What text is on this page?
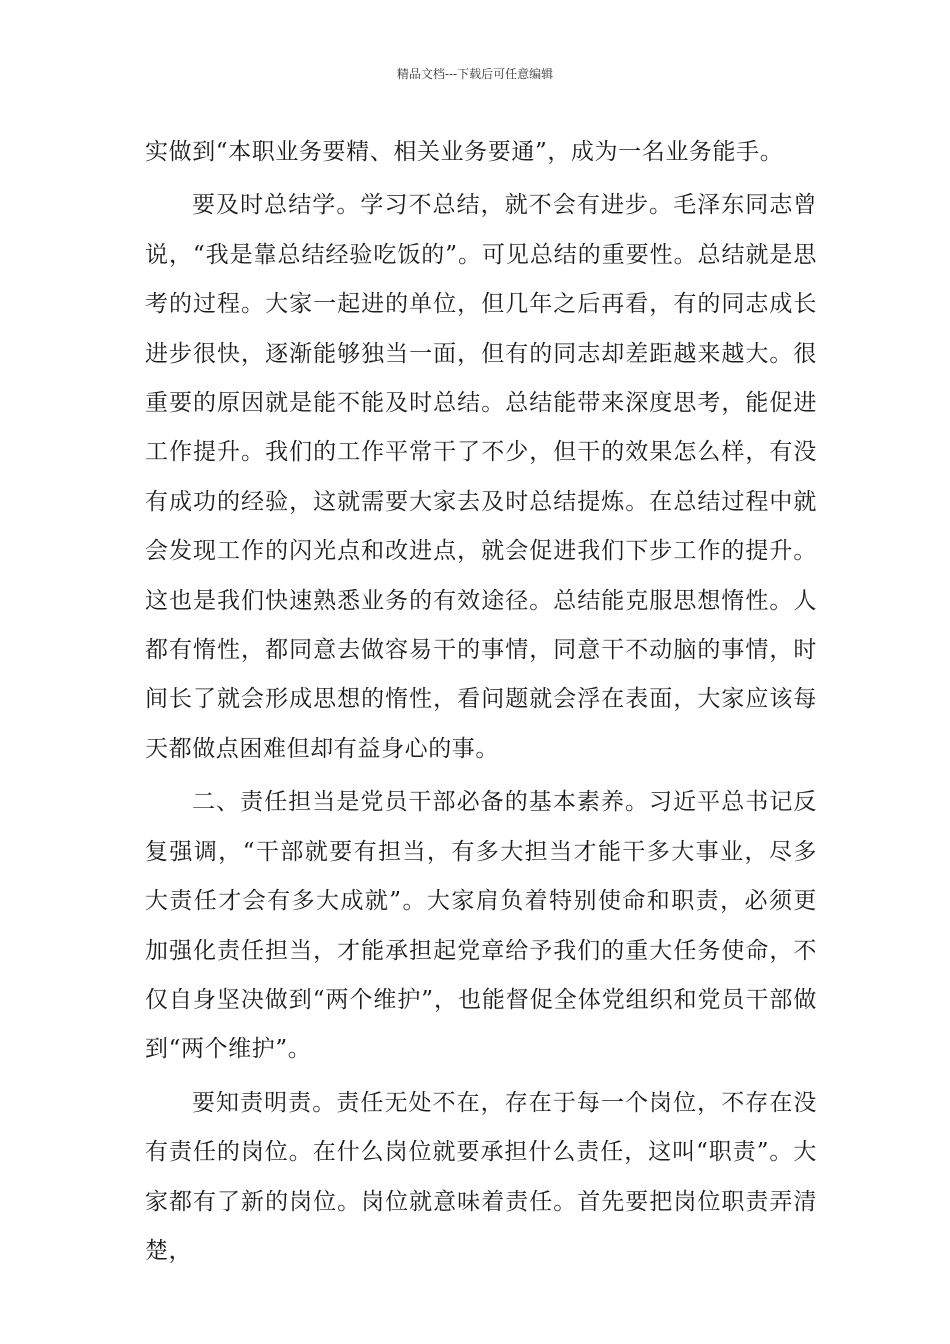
精品文档---下载后可任意编辑

实做到“本职业务要精、相关业务要通”，成为一名业务能手。

要及时总结学。学习不总结，就不会有进步。毛泽东同志曾说，“我是靠总结经验吃饭的”。可见总结的重要性。总结就是思考的过程。大家一起进的单位，但几年之后再看，有的同志成长进步很快，逐渐能够独当一面，但有的同志却差距越来越大。很重要的原因就是能不能及时总结。总结能带来深度思考，能促进工作提升。我们的工作平常干了不少，但干的效果怎么样，有没有成功的经验，这就需要大家去及时总结提炼。在总结过程中就会发现工作的闪光点和改进点，就会促进我们下步工作的提升。这也是我们快速熟悉业务的有效途径。总结能克服思想惰性。人都有惰性，都同意去做容易干的事情，同意干不动脑的事情，时间长了就会形成思想的惰性，看问题就会浮在表面，大家应该每天都做点困难但却有益身心的事。

二、责任担当是党员干部必备的基本素养。习近平总书记反复强调，“干部就要有担当，有多大担当才能干多大事业，尽多大责任才会有多大成就”。大家肩负着特别使命和职责，必须更加强化责任担当，才能承担起党章给予我们的重大任务使命，不仅自身坚决做到“两个维护”，也能督促全体党组织和党员干部做到“两个维护”。

要知责明责。责任无处不在，存在于每一个岗位，不存在没有责任的岗位。在什么岗位就要承担什么责任，这叫“职责”。大家都有了新的岗位。岗位就意味着责任。首先要把岗位职责弄清楚，
